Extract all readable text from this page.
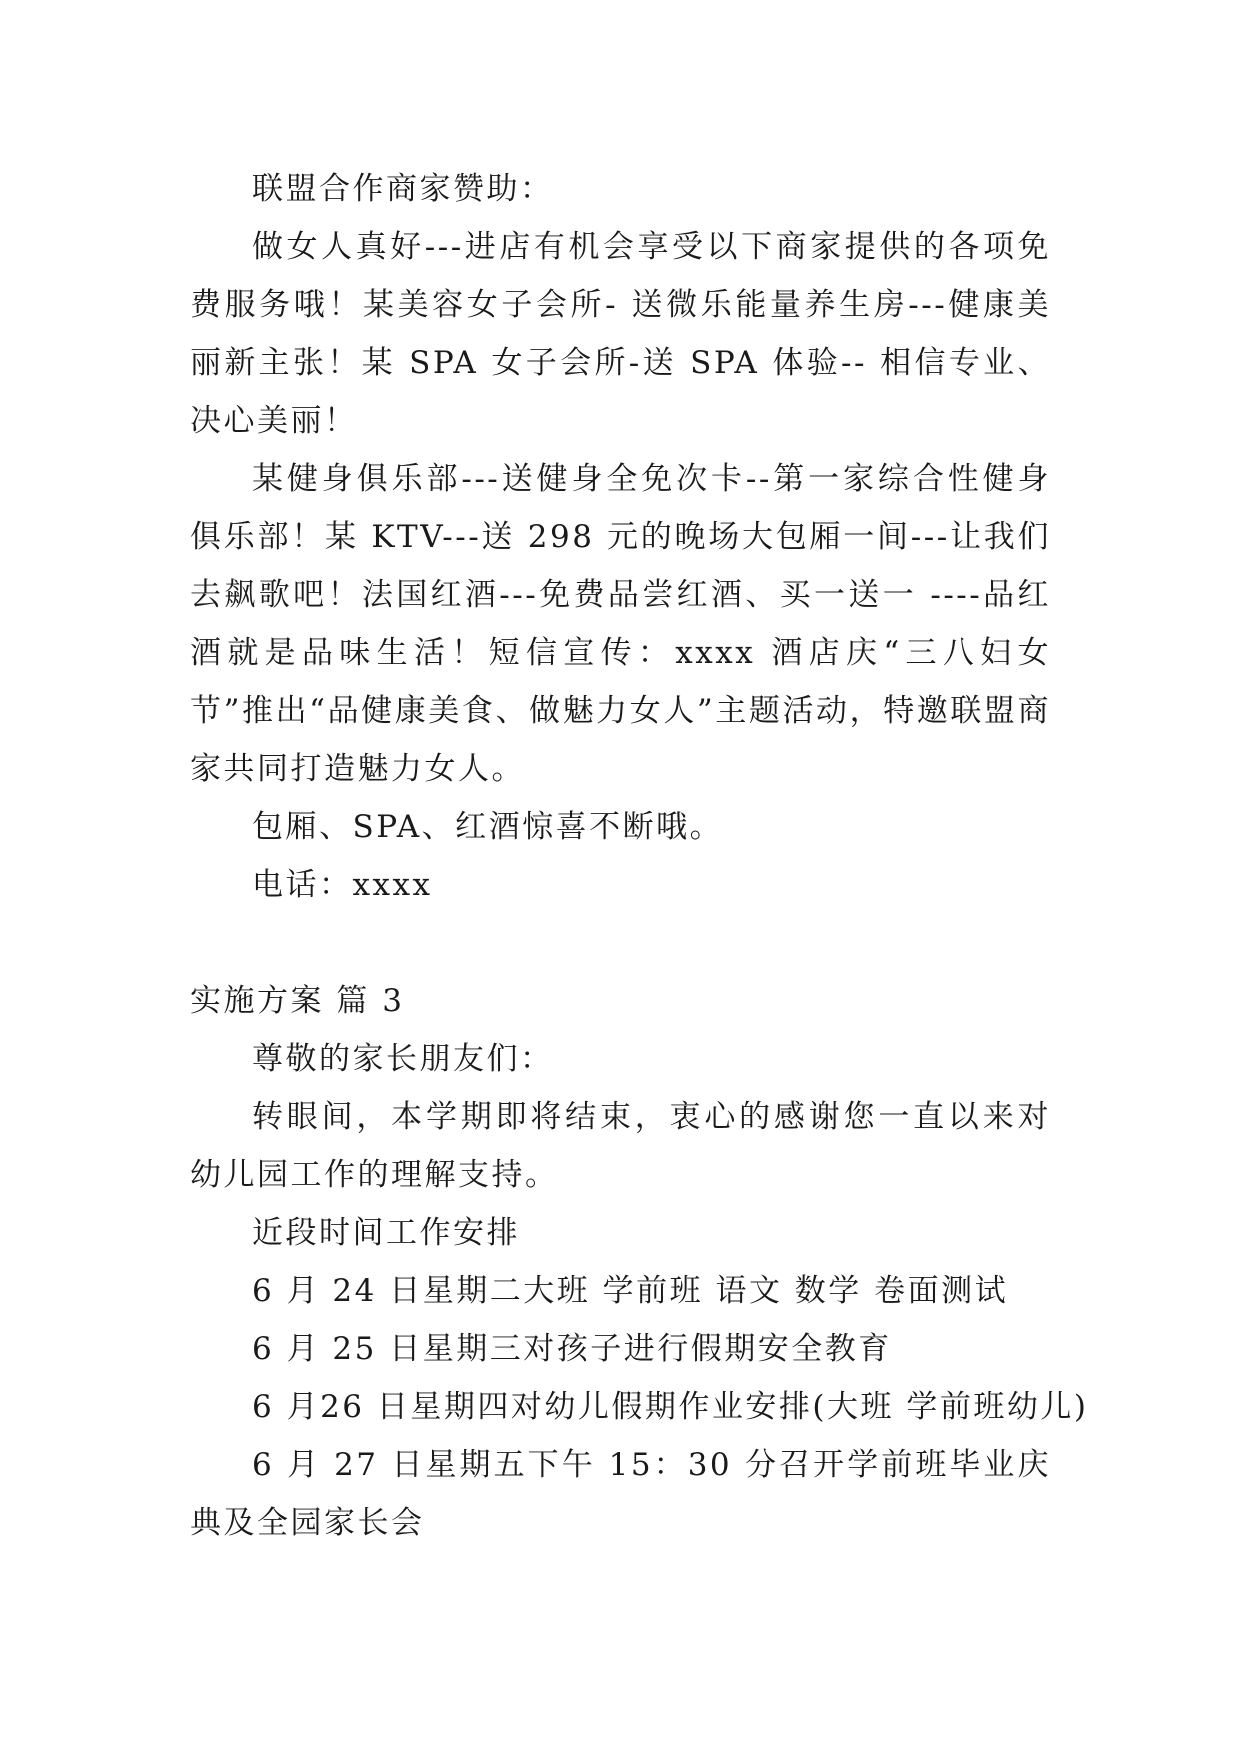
联盟合作商家赞助：

做女人真好---进店有机会享受以下商家提供的各项免费服务哦！某美容女子会所- 送微乐能量养生房---健康美丽新主张！某 SPA 女子会所-送 SPA 体验-- 相信专业、决心美丽！

某健身俱乐部---送健身全免次卡--第一家综合性健身俱乐部！某 KTV---送 298 元的晚场大包厢一间---让我们去飙歌吧！法国红酒---免费品尝红酒、买一送一 ----品红酒就是品味生活！短信宣传：xxxx 酒店庆“三八妇女节”推出“品健康美食、做魅力女人”主题活动，特邀联盟商家共同打造魅力女人。

包厢、SPA、红酒惊喜不断哦。

电话：xxxx

实施方案 篇 3

尊敬的家长朋友们：

转眼间，本学期即将结束，衷心的感谢您一直以来对幼儿园工作的理解支持。

近段时间工作安排

6 月 24 日星期二大班 学前班 语文 数学 卷面测试

6 月 25 日星期三对孩子进行假期安全教育

6 月26 日星期四对幼儿假期作业安排(大班 学前班幼儿)

6 月 27 日星期五下午 15：30 分召开学前班毕业庆典及全园家长会
